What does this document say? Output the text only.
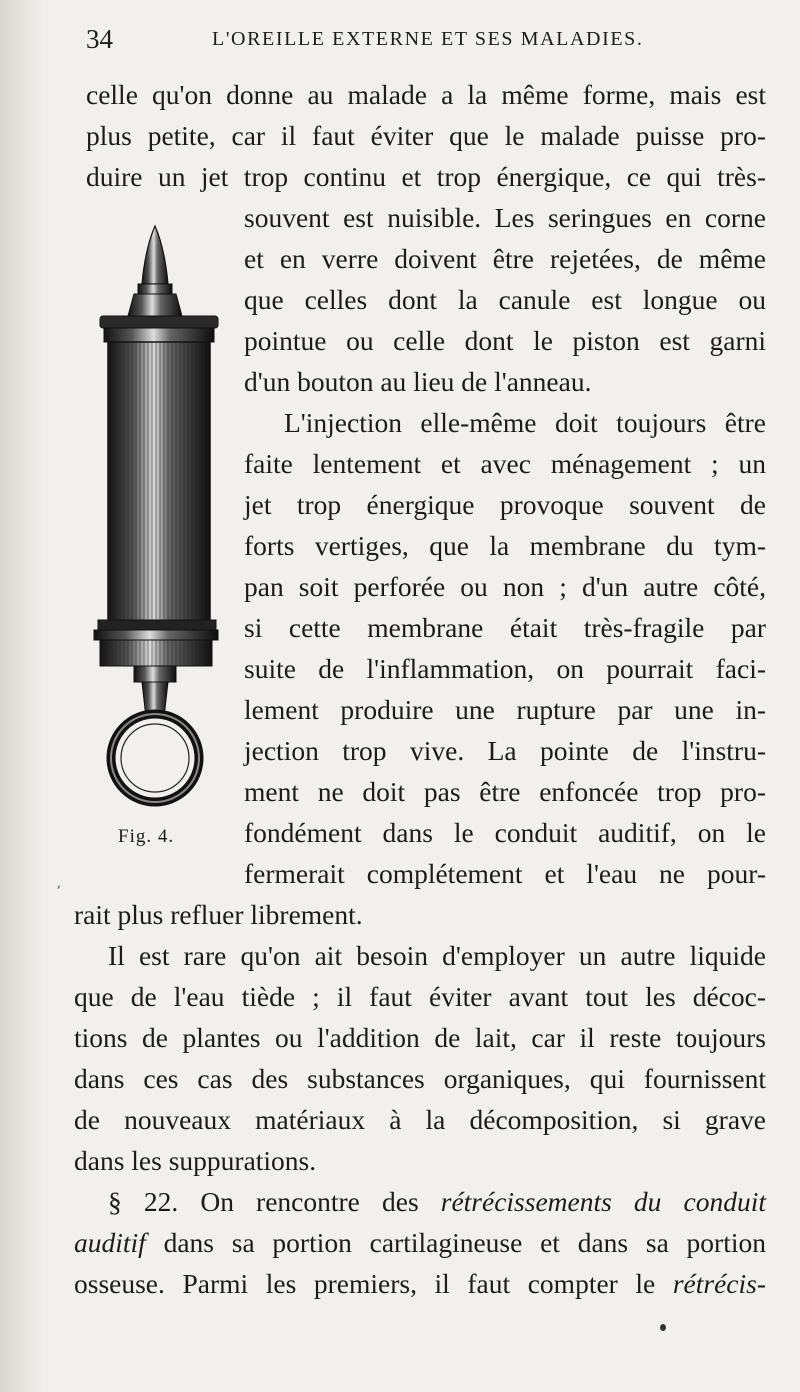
34	L'OREILLE EXTERNE ET SES MALADIES.
celle qu'on donne au malade a la même forme, mais est
plus petite, car il faut éviter que le malade puisse pro-
duire un jet trop continu et trop énergique, ce qui très-
souvent est nuisible. Les seringues en corne
et en verre doivent être rejetées, de même
que celles dont la canule est longue ou
pointue ou celle dont le piston est garni
d'un bouton au lieu de l'anneau.
L'injection elle-même doit toujours être
faite lentement et avec ménagement ; un
jet trop énergique provoque souvent de
forts vertiges, que la membrane du tym-
pan soit perforée ou non ; d'un autre côté,
si cette membrane était très-fragile par
suite de l'inflammation, on pourrait faci-
lement produire une rupture par une in-
jection trop vive. La pointe de l'instru-
ment ne doit pas être enfoncée trop pro-
fondément dans le conduit auditif, on le
fermerait complétement et l'eau ne pour-
rait plus refluer librement.
Il est rare qu'on ait besoin d'employer un autre liquide
que de l'eau tiède ; il faut éviter avant tout les décoc-
tions de plantes ou l'addition de lait, car il reste toujours
dans ces cas des substances organiques, qui fournissent
de nouveaux matériaux à la décomposition, si grave
dans les suppurations.
§ 22. On rencontre des rétrécissements du conduit
auditif dans sa portion cartilagineuse et dans sa portion
osseuse. Parmi les premiers, il faut compter le rétrécis-
Fig. 4.
ʼ
